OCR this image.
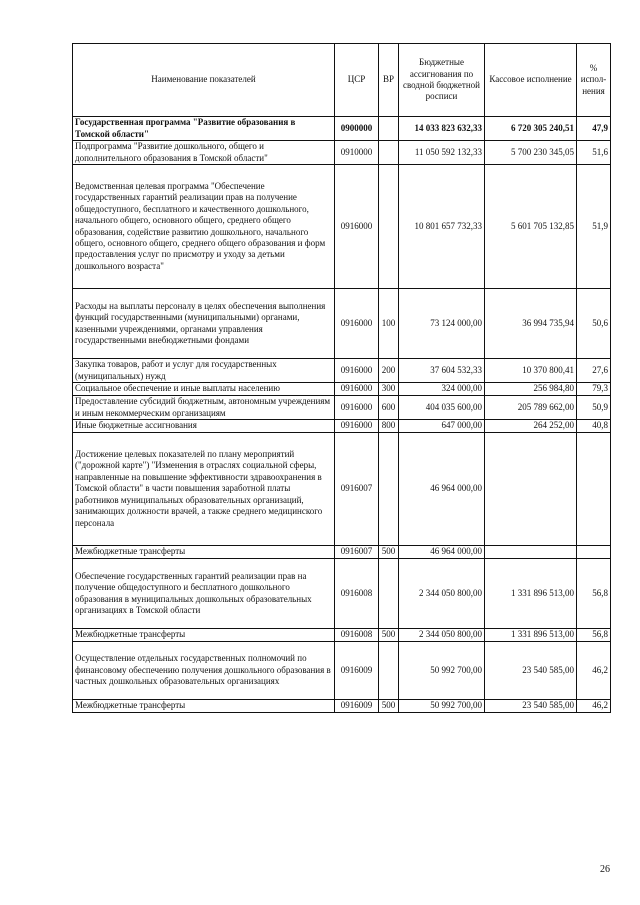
Наименование показателей	ЦСР	ВР	Бюджетные ассигнования по сводной бюджетной росписи	Кассовое исполнение	% испол-нения
Государственная программа "Развитие образования в Томской области"	0900000		14 033 823 632,33	6 720 305 240,51	47,9
Подпрограмма "Развитие дошкольного, общего и дополнительного образования в Томской области"	0910000		11 050 592 132,33	5 700 230 345,05	51,6
Ведомственная целевая программа "Обеспечение государственных гарантий реализации прав на получение общедоступного, бесплатного и качественного дошкольного, начального общего, основного общего, среднего общего образования, содействие развитию дошкольного, начального общего, основного общего, среднего общего образования и форм предоставления услуг по присмотру и уходу за детьми дошкольного возраста"	0916000		10 801 657 732,33	5 601 705 132,85	51,9
Расходы на выплаты персоналу в целях обеспечения выполнения функций государственными (муниципальными) органами, казенными учреждениями, органами управления государственными внебюджетными фондами	0916000	100	73 124 000,00	36 994 735,94	50,6
Закупка товаров, работ и услуг для государственных (муниципальных) нужд	0916000	200	37 604 532,33	10 370 800,41	27,6
Социальное обеспечение и иные выплаты населению	0916000	300	324 000,00	256 984,80	79,3
Предоставление субсидий бюджетным, автономным учреждениям и иным некоммерческим организациям	0916000	600	404 035 600,00	205 789 662,00	50,9
Иные бюджетные ассигнования	0916000	800	647 000,00	264 252,00	40,8
Достижение целевых показателей по плану мероприятий ("дорожной карте") "Изменения в отраслях социальной сферы, направленные на повышение эффективности здравоохранения в Томской области" в части повышения заработной платы работников муниципальных образовательных организаций, занимающих должности врачей, а также среднего медицинского персонала	0916007		46 964 000,00		
Межбюджетные трансферты	0916007	500	46 964 000,00		
Обеспечение государственных гарантий реализации прав на получение общедоступного и бесплатного дошкольного образования в муниципальных дошкольных образовательных организациях в Томской области	0916008		2 344 050 800,00	1 331 896 513,00	56,8
Межбюджетные трансферты	0916008	500	2 344 050 800,00	1 331 896 513,00	56,8
Осуществление отдельных государственных полномочий по финансовому обеспечению получения дошкольного образования в частных дошкольных образовательных организациях	0916009		50 992 700,00	23 540 585,00	46,2
Межбюджетные трансферты	0916009	500	50 992 700,00	23 540 585,00	46,2
26
